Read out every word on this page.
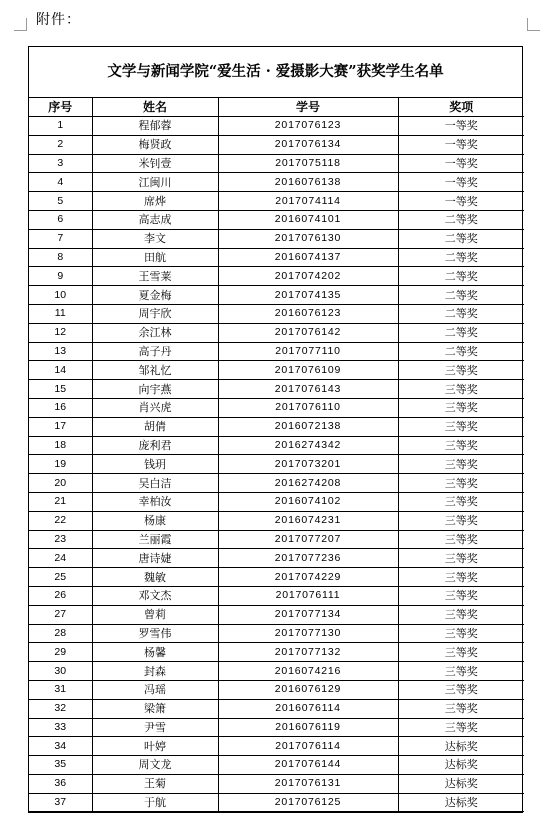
附件：
文学与新闻学院“爱生活 · 爱摄影大赛”获奖学生名单
序号	姓名	学号	奖项
1	程郁蓉	2017076123	一等奖
2	梅贤政	2017076134	一等奖
3	米钊壹	2017075118	一等奖
4	江闽川	2016076138	一等奖
5	席烨	2017074114	一等奖
6	高志成	2016074101	二等奖
7	李文	2017076130	二等奖
8	田航	2016074137	二等奖
9	王雪莱	2017074202	二等奖
10	夏金梅	2017074135	二等奖
11	周宇欣	2016076123	二等奖
12	余江林	2017076142	二等奖
13	高子丹	2017077110	二等奖
14	邹礼忆	2017076109	三等奖
15	向宇燕	2017076143	三等奖
16	肖兴虎	2017076110	三等奖
17	胡倩	2016072138	三等奖
18	庞利君	2016274342	三等奖
19	钱玥	2017073201	三等奖
20	吴白洁	2016274208	三等奖
21	幸柏汝	2016074102	三等奖
22	杨康	2016074231	三等奖
23	兰丽霞	2017077207	三等奖
24	唐诗婕	2017077236	三等奖
25	魏敏	2017074229	三等奖
26	邓文杰	2017076111	三等奖
27	曾莉	2017077134	三等奖
28	罗雪伟	2017077130	三等奖
29	杨馨	2017077132	三等奖
30	封森	2016074216	三等奖
31	冯瑶	2016076129	三等奖
32	梁箫	2016076114	三等奖
33	尹雪	2016076119	三等奖
34	叶婷	2017076114	达标奖
35	周文龙	2017076144	达标奖
36	王菊	2017076131	达标奖
37	于航	2017076125	达标奖
